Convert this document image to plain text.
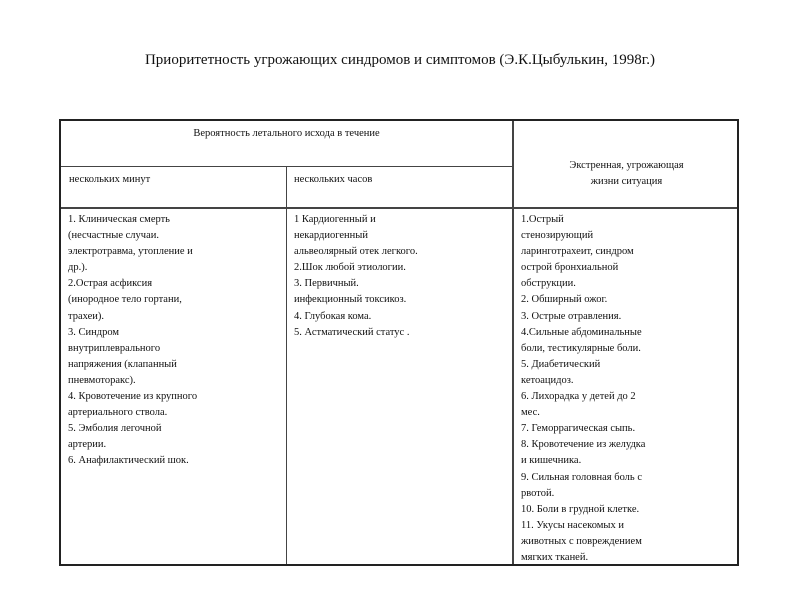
Приоритетность угрожающих синдромов и симптомов (Э.К.Цыбулькин, 1998г.)
Вероятность летального исхода в течение
нескольких минут	нескольких часов
Экстренная, угрожающая
жизни ситуация
1. Клиническая смерть
(несчастные случаи.
электротравма, утопление и
др.).
2.Острая асфиксия
(инородное тело гортани,
трахеи).
3. Синдром
внутриплеврального
напряжения (клапанный
пневмоторакс).
4. Кровотечение из крупного
артериального ствола.
5. Эмболия легочной
артерии.
6. Анафилактический шок.
1 Кардиогенный и
некардиогенный
альвеолярный отек легкого.
2.Шок любой этиологии.
3. Первичный.
инфекционный токсикоз.
4. Глубокая кома.
5. Астматический статус .
1.Острый
стенозирующий
ларинготрахеит, синдром
острой бронхиальной
обструкции.
2. Обширный ожог.
3. Острые отравления.
4.Сильные абдоминальные
боли, тестикулярные боли.
5. Диабетический
кетоацидоз.
6. Лихорадка у детей до 2
мес.
7. Геморрагическая сыпь.
8. Кровотечение из желудка
и кишечника.
9. Сильная головная боль с
рвотой.
10. Боли в грудной клетке.
11. Укусы насекомых и
животных с повреждением
мягких тканей.
